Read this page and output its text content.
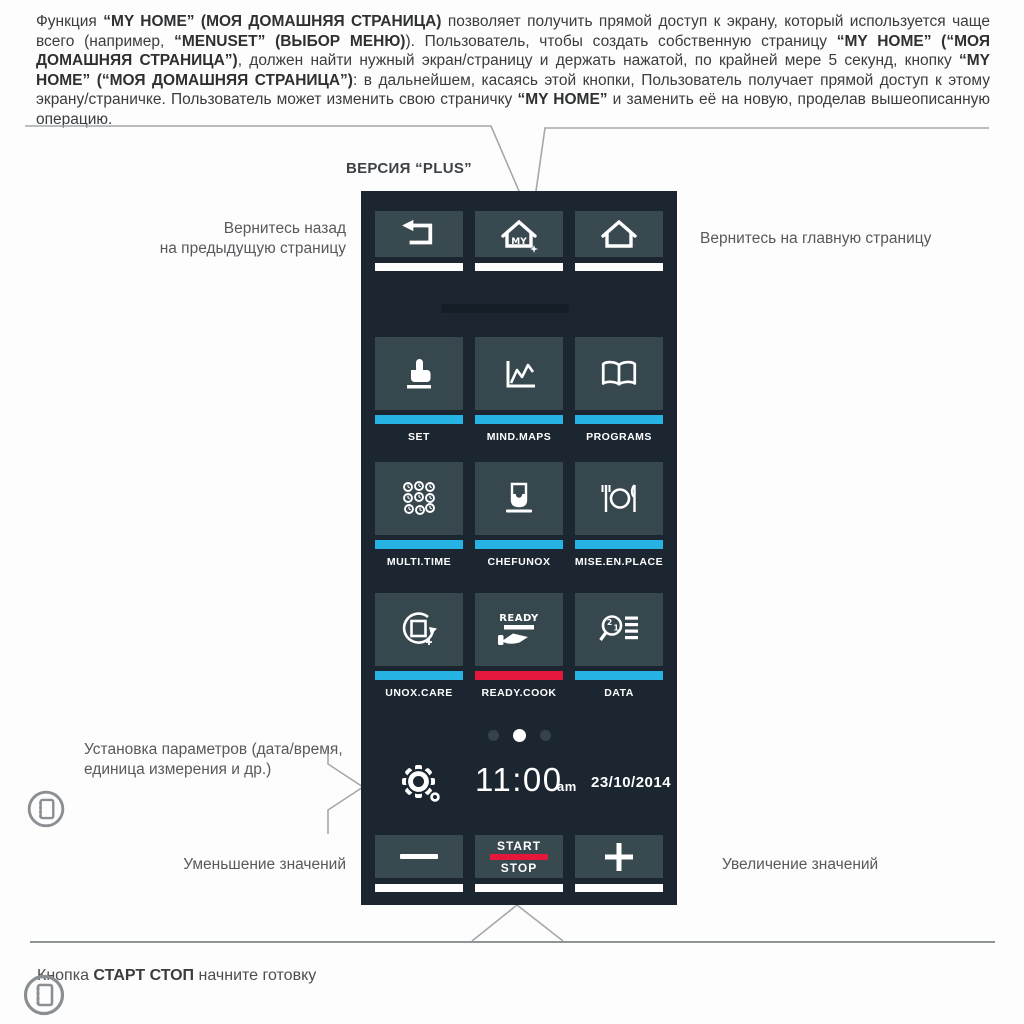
Функция “MY HOME” (МОЯ ДОМАШНЯЯ СТРАНИЦА) позволяет получить прямой доступ к экрану, который используется чаще всего (например, “MENUSET” (ВЫБОР МЕНЮ)). Пользователь, чтобы создать собственную страницу “MY HOME” (“МОЯ ДОМАШНЯЯ СТРАНИЦА”), должен найти нужный экран/страницу и держать нажатой, по крайней мере 5 секунд, кнопку “MY HOME” (“МОЯ ДОМАШНЯЯ СТРАНИЦА”): в дальнейшем, касаясь этой кнопки, Пользователь получает прямой доступ к этому экрану/страничке. Пользователь может изменить свою страничку “MY HOME” и заменить её на новую, проделав вышеописанную операцию.

ВЕРСИЯ “PLUS”
MY
SET	MIND.MAPS	PROGRAMS
MULTI.TIME	CHEFUNOX	MISE.EN.PLACE
UNOX.CARE
READY
READY.COOK
2
1
DATA
11:00
am 23/10/2014
START
STOP
Вернитесь назад
на предыдущую страницу
Вернитесь на главную страницу
Установка параметров (дата/время,
единица измерения и др.)
Уменьшение значений	Увеличение значений

Кнопка СТАРТ СТОП начните готовку
